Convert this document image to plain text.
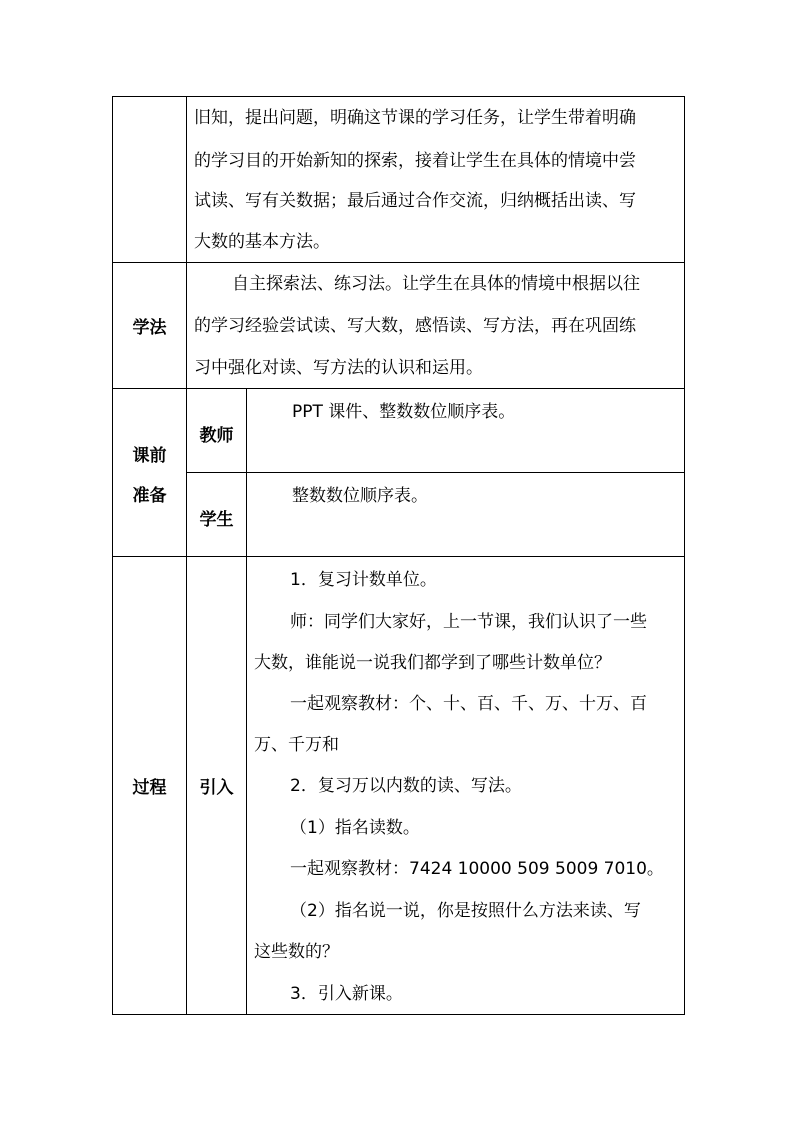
旧知，提出问题，明确这节课的学习任务，让学生带着明确
的学习目的开始新知的探索，接着让学生在具体的情境中尝
试读、写有关数据；最后通过合作交流，归纳概括出读、写
大数的基本方法。
学法
自主探索法、练习法。让学生在具体的情境中根据以往
的学习经验尝试读、写大数，感悟读、写方法，再在巩固练
习中强化对读、写方法的认识和运用。
课前
准备
教师
PPT 课件、整数数位顺序表。
学生
整数数位顺序表。
过程	引入
1．复习计数单位。
师：同学们大家好，上一节课，我们认识了一些
大数，谁能说一说我们都学到了哪些计数单位？
一起观察教材：个、十、百、千、万、十万、百
万、千万和
2．复习万以内数的读、写法。
（1）指名读数。
一起观察教材：7424 10000 509 5009 7010。
（2）指名说一说，你是按照什么方法来读、写
这些数的？
3．引入新课。
